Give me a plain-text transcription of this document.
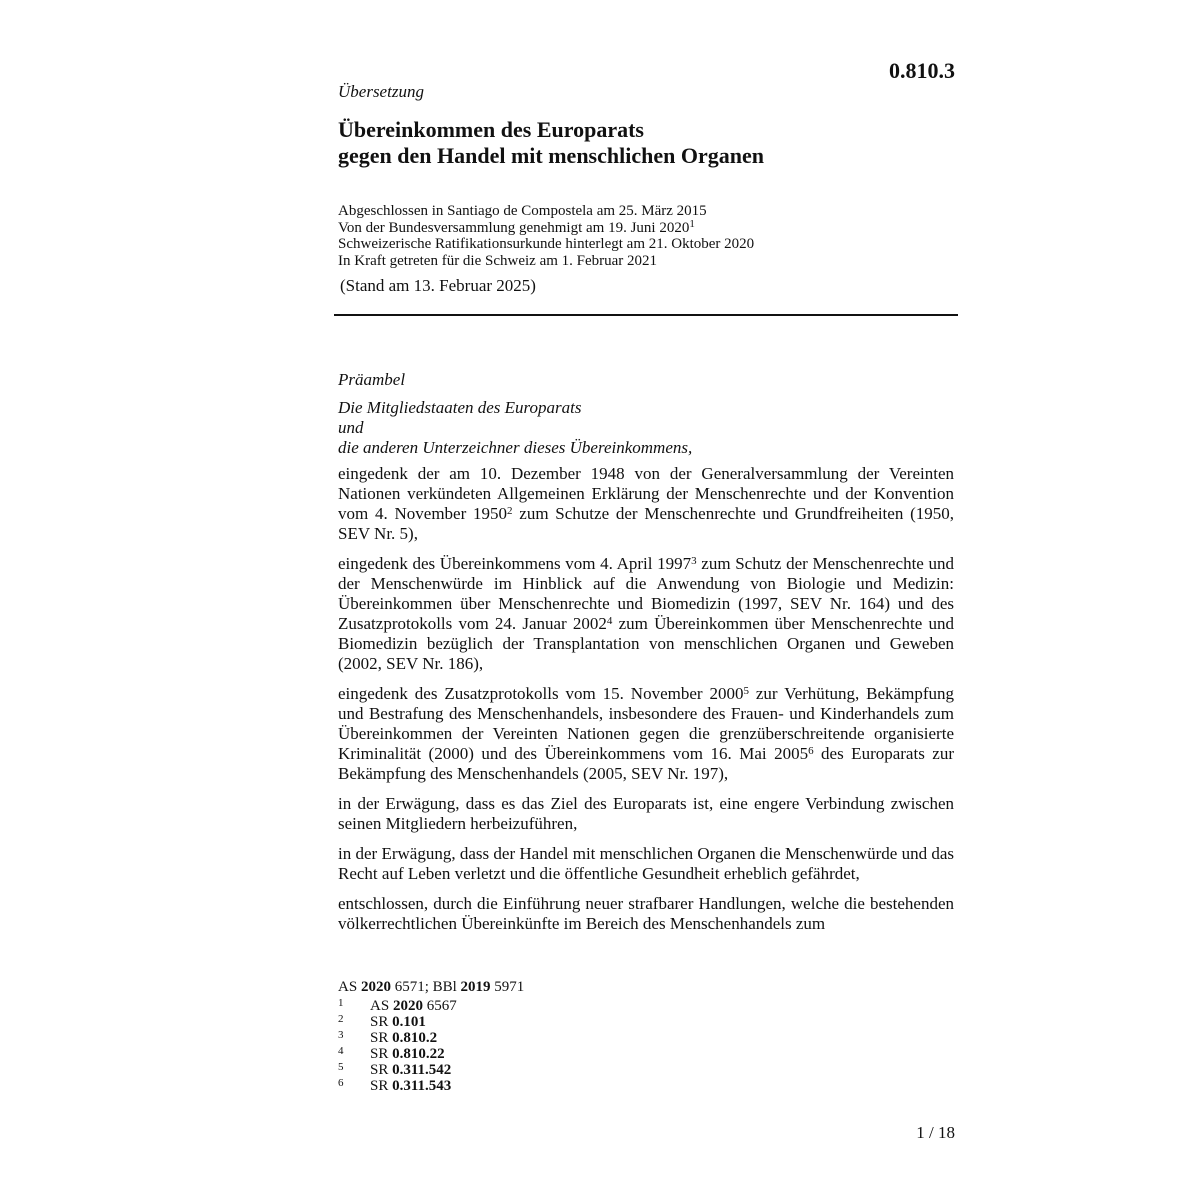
0.810.3
Übersetzung
Übereinkommen des Europarats
gegen den Handel mit menschlichen Organen
Abgeschlossen in Santiago de Compostela am 25. März 2015
Von der Bundesversammlung genehmigt am 19. Juni 2020$^1$
Schweizerische Ratifikationsurkunde hinterlegt am 21. Oktober 2020
In Kraft getreten für die Schweiz am 1. Februar 2021
(Stand am 13. Februar 2025)

Präambel

Die Mitgliedstaaten des Europarats
und
die anderen Unterzeichner dieses Übereinkommens,

eingedenk der am 10. Dezember 1948 von der Generalversammlung der Vereinten Nationen verkündeten Allgemeinen Erklärung der Menschenrechte und der Konvention vom 4. November 1950$^2$ zum Schutze der Menschenrechte und Grundfreiheiten (1950, SEV Nr. 5),

eingedenk des Übereinkommens vom 4. April 1997$^3$ zum Schutz der Menschenrechte und der Menschenwürde im Hinblick auf die Anwendung von Biologie und Medizin: Übereinkommen über Menschenrechte und Biomedizin (1997, SEV Nr. 164) und des Zusatzprotokolls vom 24. Januar 2002$^4$ zum Übereinkommen über Menschenrechte und Biomedizin bezüglich der Transplantation von menschlichen Organen und Geweben (2002, SEV Nr. 186),

eingedenk des Zusatzprotokolls vom 15. November 2000$^5$ zur Verhütung, Bekämpfung und Bestrafung des Menschenhandels, insbesondere des Frauen- und Kinderhandels zum Übereinkommen der Vereinten Nationen gegen die grenzüberschreitende organisierte Kriminalität (2000) und des Übereinkommens vom 16. Mai 2005$^6$ des Europarats zur Bekämpfung des Menschenhandels (2005, SEV Nr. 197),

in der Erwägung, dass es das Ziel des Europarats ist, eine engere Verbindung zwischen seinen Mitgliedern herbeizuführen,

in der Erwägung, dass der Handel mit menschlichen Organen die Menschenwürde und das Recht auf Leben verletzt und die öffentliche Gesundheit erheblich gefährdet,

entschlossen, durch die Einführung neuer strafbarer Handlungen, welche die bestehenden völkerrechtlichen Übereinkünfte im Bereich des Menschenhandels zum

AS 2020 6571; BBl 2019 5971
1	AS 2020 6567
2	SR 0.101
3	SR 0.810.2
4	SR 0.810.22
5	SR 0.311.542
6	SR 0.311.543
1 / 18
